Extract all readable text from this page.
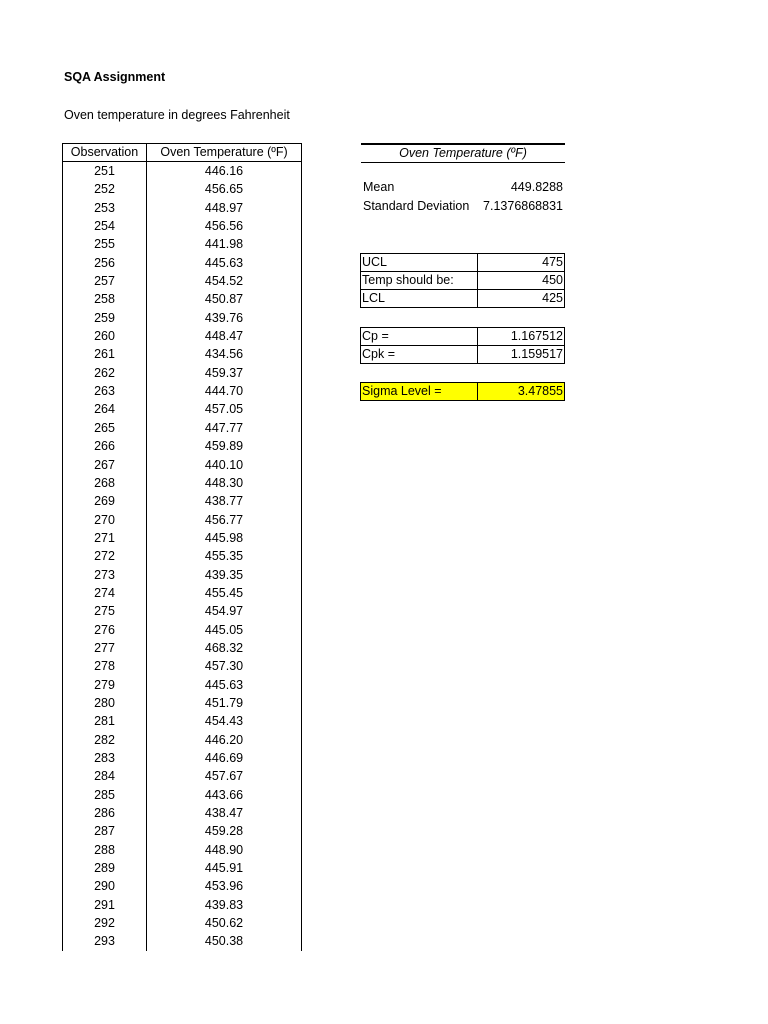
SQA Assignment
Oven temperature in degrees Fahrenheit
Observation	Oven Temperature (ºF)
251	446.16
252	456.65
253	448.97
254	456.56
255	441.98
256	445.63
257	454.52
258	450.87
259	439.76
260	448.47
261	434.56
262	459.37
263	444.70
264	457.05
265	447.77
266	459.89
267	440.10
268	448.30
269	438.77
270	456.77
271	445.98
272	455.35
273	439.35
274	455.45
275	454.97
276	445.05
277	468.32
278	457.30
279	445.63
280	451.79
281	454.43
282	446.20
283	446.69
284	457.67
285	443.66
286	438.47
287	459.28
288	448.90
289	445.91
290	453.96
291	439.83
292	450.62
293	450.38
Oven Temperature (ºF)
Mean	449.8288
Standard Deviation	7.1376868831
UCL	475
Temp should be:	450
LCL	425
Cp =	1.167512
Cpk =	1.159517
Sigma Level =	3.47855
